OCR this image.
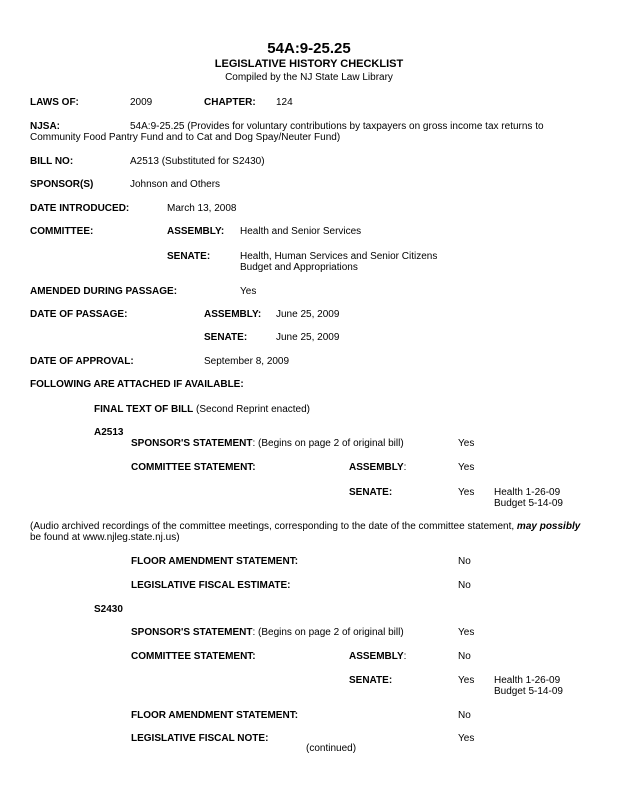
54A:9-25.25
LEGISLATIVE HISTORY CHECKLIST
Compiled by the NJ State Law Library
LAWS OF:	2009	CHAPTER: 124
NJSA:	54A:9-25.25 (Provides for voluntary contributions by taxpayers on gross income tax returns to
Community Food Pantry Fund and to Cat and Dog Spay/Neuter Fund)
BILL NO:	A2513 (Substituted for S2430)
SPONSOR(S)	Johnson and Others
DATE INTRODUCED:	March 13, 2008
COMMITTEE:	ASSEMBLY: Health and Senior Services
SENATE:	Health, Human Services and Senior Citizens
Budget and Appropriations
AMENDED DURING PASSAGE:	Yes
DATE OF PASSAGE:	ASSEMBLY: June 25, 2009
SENATE:	June 25, 2009
DATE OF APPROVAL:	September 8, 2009
FOLLOWING ARE ATTACHED IF AVAILABLE:
FINAL TEXT OF BILL (Second Reprint enacted)
A2513
SPONSOR'S STATEMENT: (Begins on page 2 of original bill)	Yes
COMMITTEE STATEMENT:	ASSEMBLY:	Yes
SENATE:	Yes Health 1-26-09
Budget 5-14-09
(Audio archived recordings of the committee meetings, corresponding to the date of the committee statement, may possibly
be found at www.njleg.state.nj.us)
FLOOR AMENDMENT STATEMENT:	No
LEGISLATIVE FISCAL ESTIMATE:	No
S2430
SPONSOR'S STATEMENT: (Begins on page 2 of original bill)	Yes
COMMITTEE STATEMENT:	ASSEMBLY:	No
SENATE:	Yes Health 1-26-09
Budget 5-14-09
FLOOR AMENDMENT STATEMENT:	No
LEGISLATIVE FISCAL NOTE:	Yes
(continued)
